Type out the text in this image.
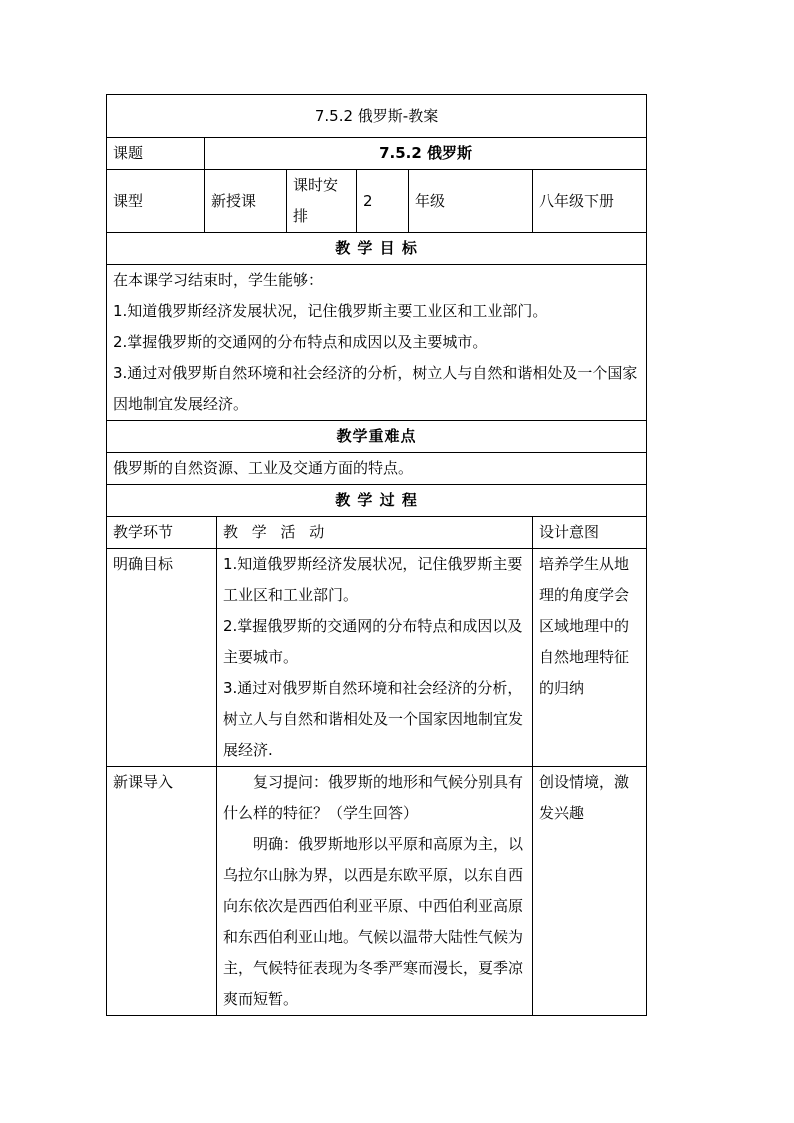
7.5.2 俄罗斯-教案						
课题	7.5.2 俄罗斯					
课型	新授课		课时安排	2	年级	八年级下册
教 学 目 标						

在本课学习结束时，学生能够：

1.知道俄罗斯经济发展状况，记住俄罗斯主要工业区和工业部门。

2.掌握俄罗斯的交通网的分布特点和成因以及主要城市。

3.通过对俄罗斯自然环境和社会经济的分析，树立人与自然和谐相处及一个国家因地制宜发展经济。						

教学重难点						
俄罗斯的自然资源、工业及交通方面的特点。						
教 学 过 程						
教学环节		教 学 活 动				设计意图
明确目标		1.知道俄罗斯经济发展状况，记住俄罗斯主要工业区和工业部门。

2.掌握俄罗斯的交通网的分布特点和成因以及主要城市。

3.通过对俄罗斯自然环境和社会经济的分析，树立人与自然和谐相处及一个国家因地制宜发展经济.				培养学生从地理的角度学会区域地理中的自然地理特征的归纳
新课导入		复习提问：俄罗斯的地形和气候分别具有什么样的特征？（学生回答）

明确：俄罗斯地形以平原和高原为主，以乌拉尔山脉为界，以西是东欧平原，以东自西向东依次是西西伯利亚平原、中西伯利亚高原和东西伯利亚山地。气候以温带大陆性气候为主，气候特征表现为冬季严寒而漫长，夏季凉爽而短暂。				创设情境，激发兴趣
